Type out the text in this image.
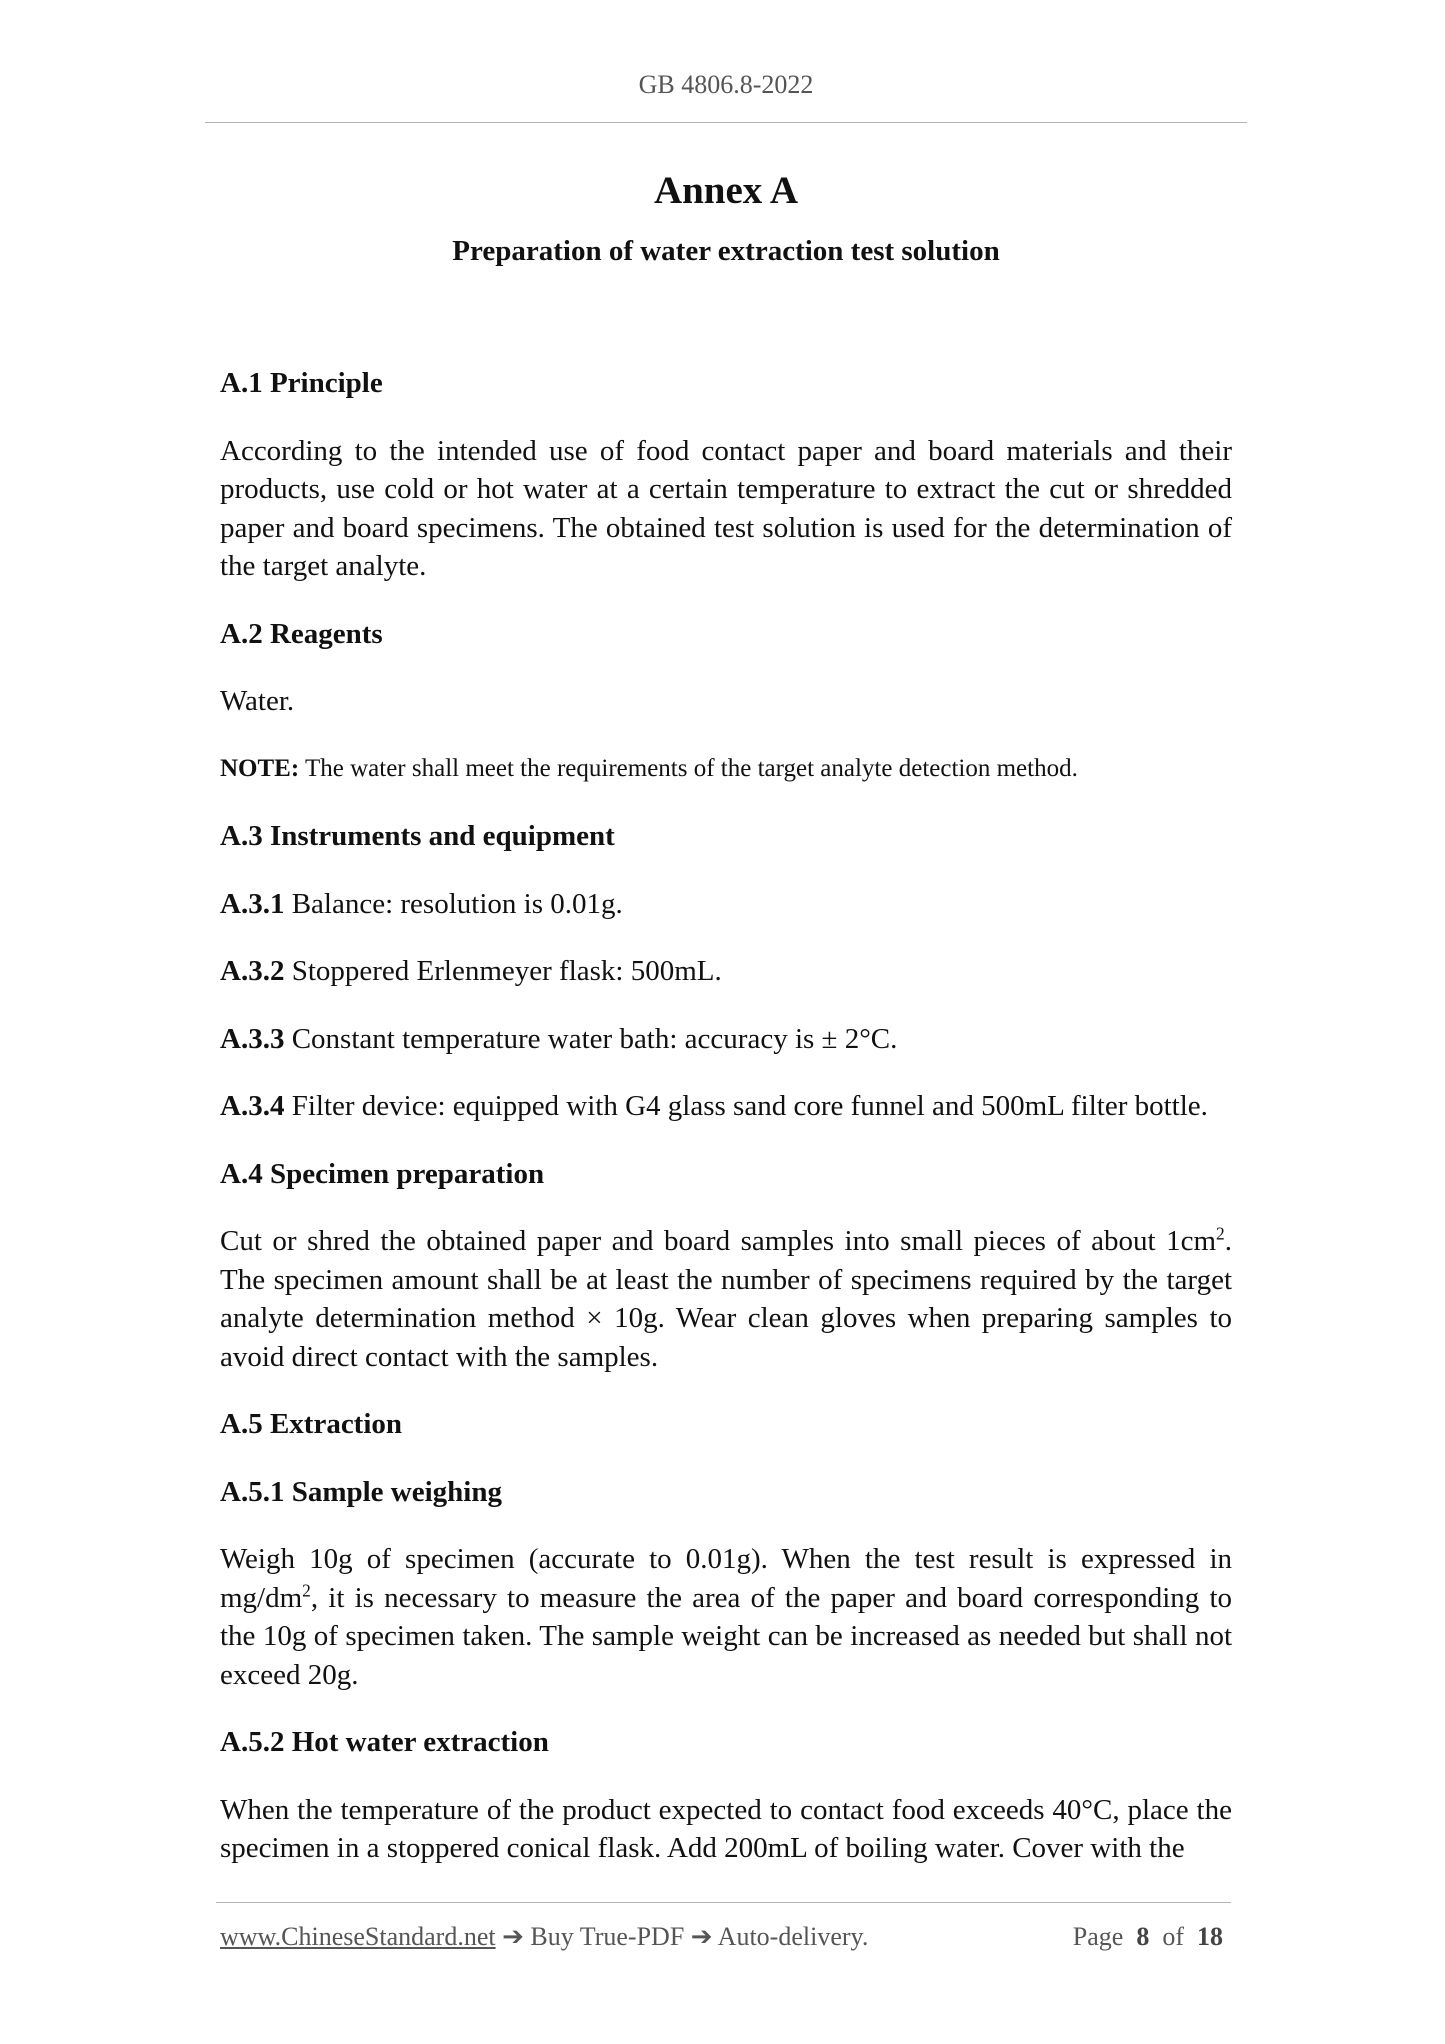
GB 4806.8-2022
Annex A
Preparation of water extraction test solution

A.1 Principle

According to the intended use of food contact paper and board materials and their products, use cold or hot water at a certain temperature to extract the cut or shredded paper and board specimens. The obtained test solution is used for the determination of the target analyte.

A.2 Reagents

Water.

NOTE: The water shall meet the requirements of the target analyte detection method.

A.3 Instruments and equipment

A.3.1 Balance: resolution is 0.01g.

A.3.2 Stoppered Erlenmeyer flask: 500mL.

A.3.3 Constant temperature water bath: accuracy is ± 2°C.

A.3.4 Filter device: equipped with G4 glass sand core funnel and 500mL filter bottle.

A.4 Specimen preparation

Cut or shred the obtained paper and board samples into small pieces of about $1cm^2$. The specimen amount shall be at least the number of specimens required by the target analyte determination method × 10g. Wear clean gloves when preparing samples to avoid direct contact with the samples.

A.5 Extraction

A.5.1 Sample weighing

Weigh 10g of specimen (accurate to 0.01g). When the test result is expressed in $mg/dm^2$, it is necessary to measure the area of the paper and board corresponding to the 10g of specimen taken. The sample weight can be increased as needed but shall not exceed 20g.

A.5.2 Hot water extraction

When the temperature of the product expected to contact food exceeds 40°C, place the specimen in a stoppered conical flask. Add 200mL of boiling water. Cover with the

www.ChineseStandard.net ➔ Buy True-PDF ➔ Auto-delivery.	Page 8 of 18
